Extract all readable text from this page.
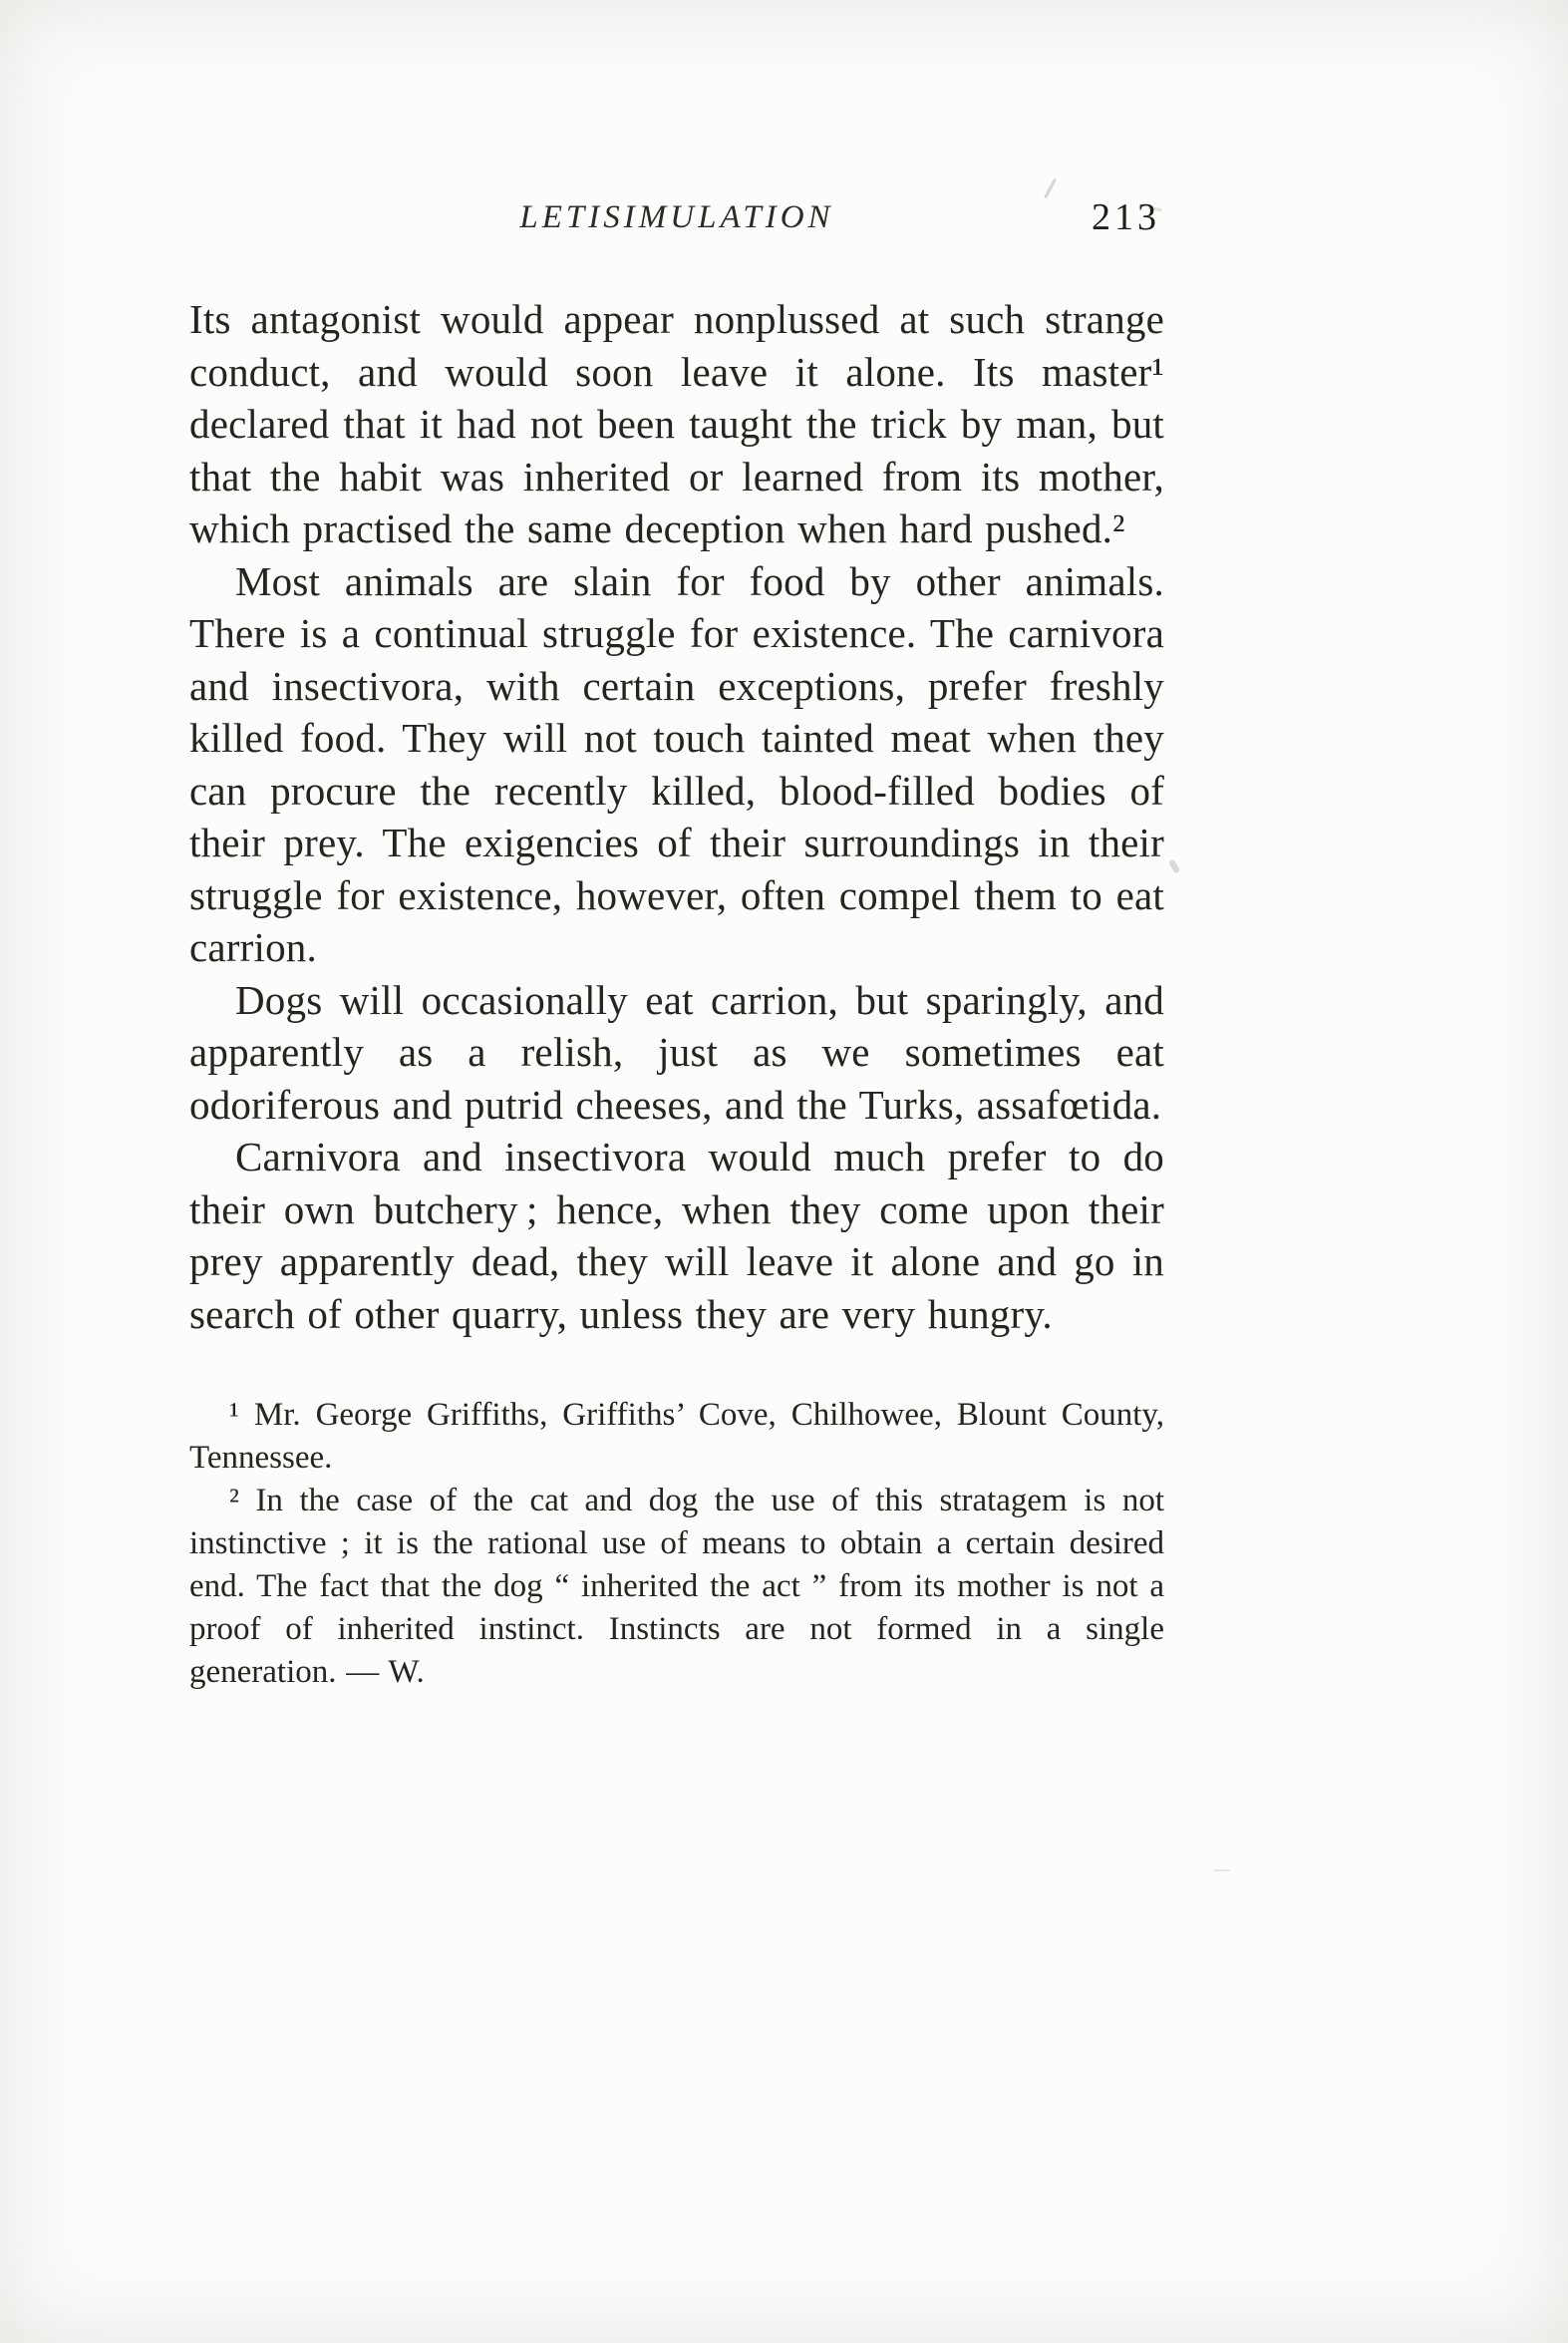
LETISIMULATION	213

Its antagonist would appear nonplussed at such strange conduct, and would soon leave it alone. Its master¹ declared that it had not been taught the trick by man, but that the habit was inherited or learned from its mother, which practised the same deception when hard pushed.²

Most animals are slain for food by other animals. There is a continual struggle for existence. The carnivora and insectivora, with certain exceptions, prefer freshly killed food. They will not touch tainted meat when they can procure the recently killed, blood-filled bodies of their prey. The exigencies of their surroundings in their struggle for existence, however, often compel them to eat carrion.

Dogs will occasionally eat carrion, but sparingly, and apparently as a relish, just as we sometimes eat odoriferous and putrid cheeses, and the Turks, assafœtida.

Carnivora and insectivora would much prefer to do their own butchery ; hence, when they come upon their prey apparently dead, they will leave it alone and go in search of other quarry, unless they are very hungry.

¹ Mr. George Griffiths, Griffiths’ Cove, Chilhowee, Blount County, Tennessee.

² In the case of the cat and dog the use of this stratagem is not instinctive ; it is the rational use of means to obtain a certain desired end. The fact that the dog “ inherited the act ” from its mother is not a proof of inherited instinct. Instincts are not formed in a single generation. — W.
